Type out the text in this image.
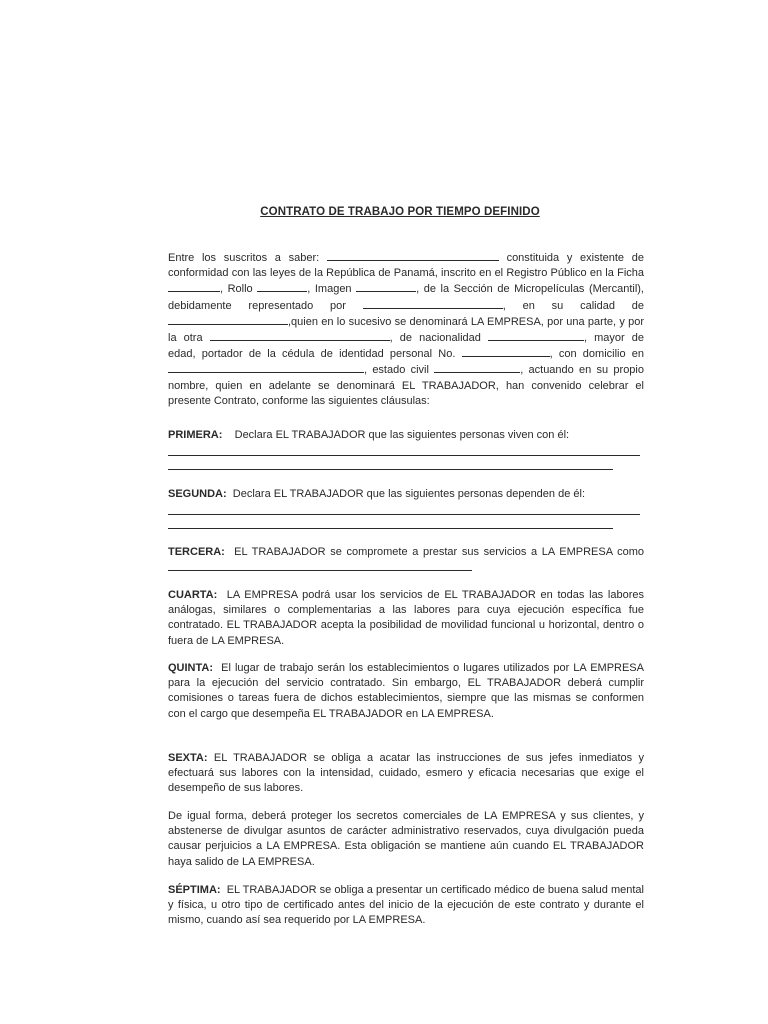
CONTRATO DE TRABAJO POR TIEMPO DEFINIDO

Entre los suscritos a saber:	constituida y existente de conformidad con las leyes de la República de Panamá, inscrito en el Registro Público en la Ficha, Rollo	, Imagen	, de la Sección de Micropelículas (Mercantil), debidamente representado por	, en su calidad de ,quien en lo sucesivo se denominará LA EMPRESA, por una parte, y por la otra	, de nacionalidad	, mayor de edad, portador de la cédula de identidad personal No.	, con domicilio en , estado civil	, actuando en su propio nombre, quien en adelante se denominará EL TRABAJADOR, han convenido celebrar el presente Contrato, conforme las siguientes cláusulas:

PRIMERA: Declara EL TRABAJADOR que las siguientes personas viven con él:

SEGUNDA: Declara EL TRABAJADOR que las siguientes personas dependen de él:

TERCERA: EL TRABAJADOR se compromete a prestar sus servicios a LA EMPRESA como

CUARTA: LA EMPRESA podrá usar los servicios de EL TRABAJADOR en todas las labores análogas, similares o complementarias a las labores para cuya ejecución específica fue contratado. EL TRABAJADOR acepta la posibilidad de movilidad funcional u horizontal, dentro o fuera de LA EMPRESA.

QUINTA: El lugar de trabajo serán los establecimientos o lugares utilizados por LA EMPRESA para la ejecución del servicio contratado. Sin embargo, EL TRABAJADOR deberá cumplir comisiones o tareas fuera de dichos establecimientos, siempre que las mismas se conformen con el cargo que desempeña EL TRABAJADOR en LA EMPRESA.

SEXTA: EL TRABAJADOR se obliga a acatar las instrucciones de sus jefes inmediatos y efectuará sus labores con la intensidad, cuidado, esmero y eficacia necesarias que exige el desempeño de sus labores.

De igual forma, deberá proteger los secretos comerciales de LA EMPRESA y sus clientes, y abstenerse de divulgar asuntos de carácter administrativo reservados, cuya divulgación pueda causar perjuicios a LA EMPRESA. Esta obligación se mantiene aún cuando EL TRABAJADOR haya salido de LA EMPRESA.

SÉPTIMA: EL TRABAJADOR se obliga a presentar un certificado médico de buena salud mental y física, u otro tipo de certificado antes del inicio de la ejecución de este contrato y durante el mismo, cuando así sea requerido por LA EMPRESA.
